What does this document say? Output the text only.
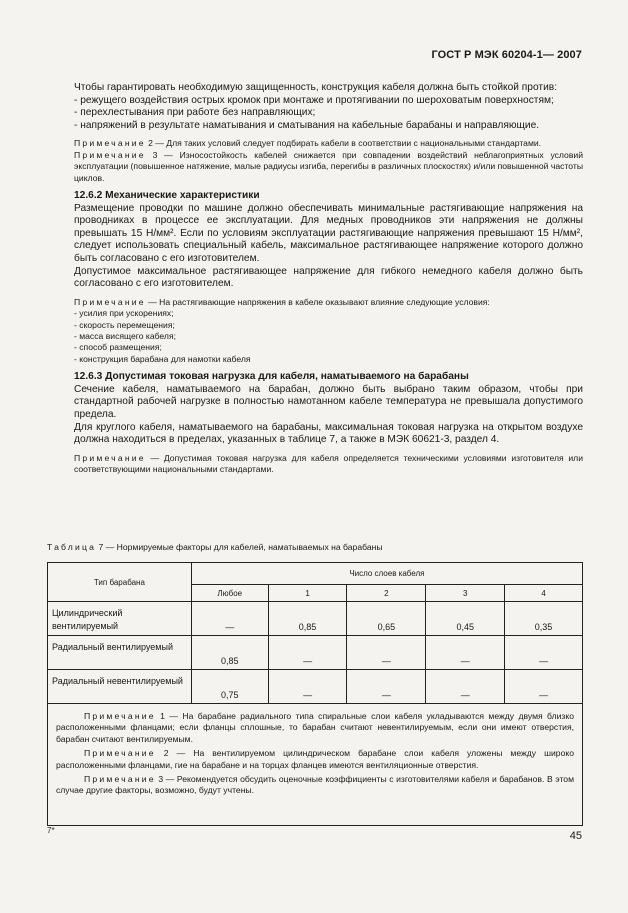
ГОСТ Р МЭК 60204-1— 2007

Чтобы гарантировать необходимую защищенность, конструкция кабеля должна быть стойкой против:

- режущего воздействия острых кромок при монтаже и протягивании по шероховатым поверхностям;

- перехлестывания при работе без направляющих;

- напряжений в результате наматывания и сматывания на кабельные барабаны и направляющие.

Примечание 2 — Для таких условий следует подбирать кабели в соответствии с национальными стандартами.

Примечание 3 — Износостойкость кабелей снижается при совпадении воздействий неблагоприятных условий эксплуатации (повышенное натяжение, малые радиусы изгиба, перегибы в различных плоскостях) и/или повышенной частоты циклов.

12.6.2 Механические характеристики

Размещение проводки по машине должно обеспечивать минимальные растягивающие напряжения на проводниках в процессе ее эксплуатации. Для медных проводников эти напряжения не должны превышать 15 Н/мм². Если по условиям эксплуатации растягивающие напряжения превышают 15 Н/мм², следует использовать специальный кабель, максимальное растягивающее напряжение которого должно быть согласовано с его изготовителем.

Допустимое максимальное растягивающее напряжение для гибкого немедного кабеля должно быть согласовано с его изготовителем.

Примечание — На растягивающие напряжения в кабеле оказывают влияние следующие условия:

- усилия при ускорениях;

- скорость перемещения;

- масса висящего кабеля;

- способ размещения;

- конструкция барабана для намотки кабеля

12.6.3 Допустимая токовая нагрузка для кабеля, наматываемого на барабаны

Сечение кабеля, наматываемого на барабан, должно быть выбрано таким образом, чтобы при стандартной рабочей нагрузке в полностью намотанном кабеле температура не превышала допустимого предела.

Для круглого кабеля, наматываемого на барабаны, максимальная токовая нагрузка на открытом воздухе должна находиться в пределах, указанных в таблице 7, а также в МЭК 60621-3, раздел 4.

Примечание — Допустимая токовая нагрузка для кабеля определяется техническими условиями изготовителя или соответствующими национальными стандартами.

Таблица 7 — Нормируемые факторы для кабелей, наматываемых на барабаны
Тип барабана	Число слоев кабеля				
	Любое	1	2	3	4
Цилиндрический вентилируемый	—	0,85	0,65	0,45	0,35
Радиальный вентилируемый	0,85	—	—	—	—
Радиальный невентилируемый	0,75	—	—	—	—

Примечание 1 — На барабане радиального типа спиральные слои кабеля укладываются между двумя близко расположенными фланцами; если фланцы сплошные, то барабан считают невентилируемым, если они имеют отверстия, барабан считают вентилируемым.

Примечание 2 — На вентилируемом цилиндрическом барабане слои кабеля уложены между широко расположенными фланцами, гие на барабане и на торцах фланцев имеются вентиляционные отверстия.

Примечание 3 — Рекомендуется обсудить оценочные коэффициенты с изготовителями кабеля и барабанов. В этом случае другие факторы, возможно, будут учтены.

7*	45
